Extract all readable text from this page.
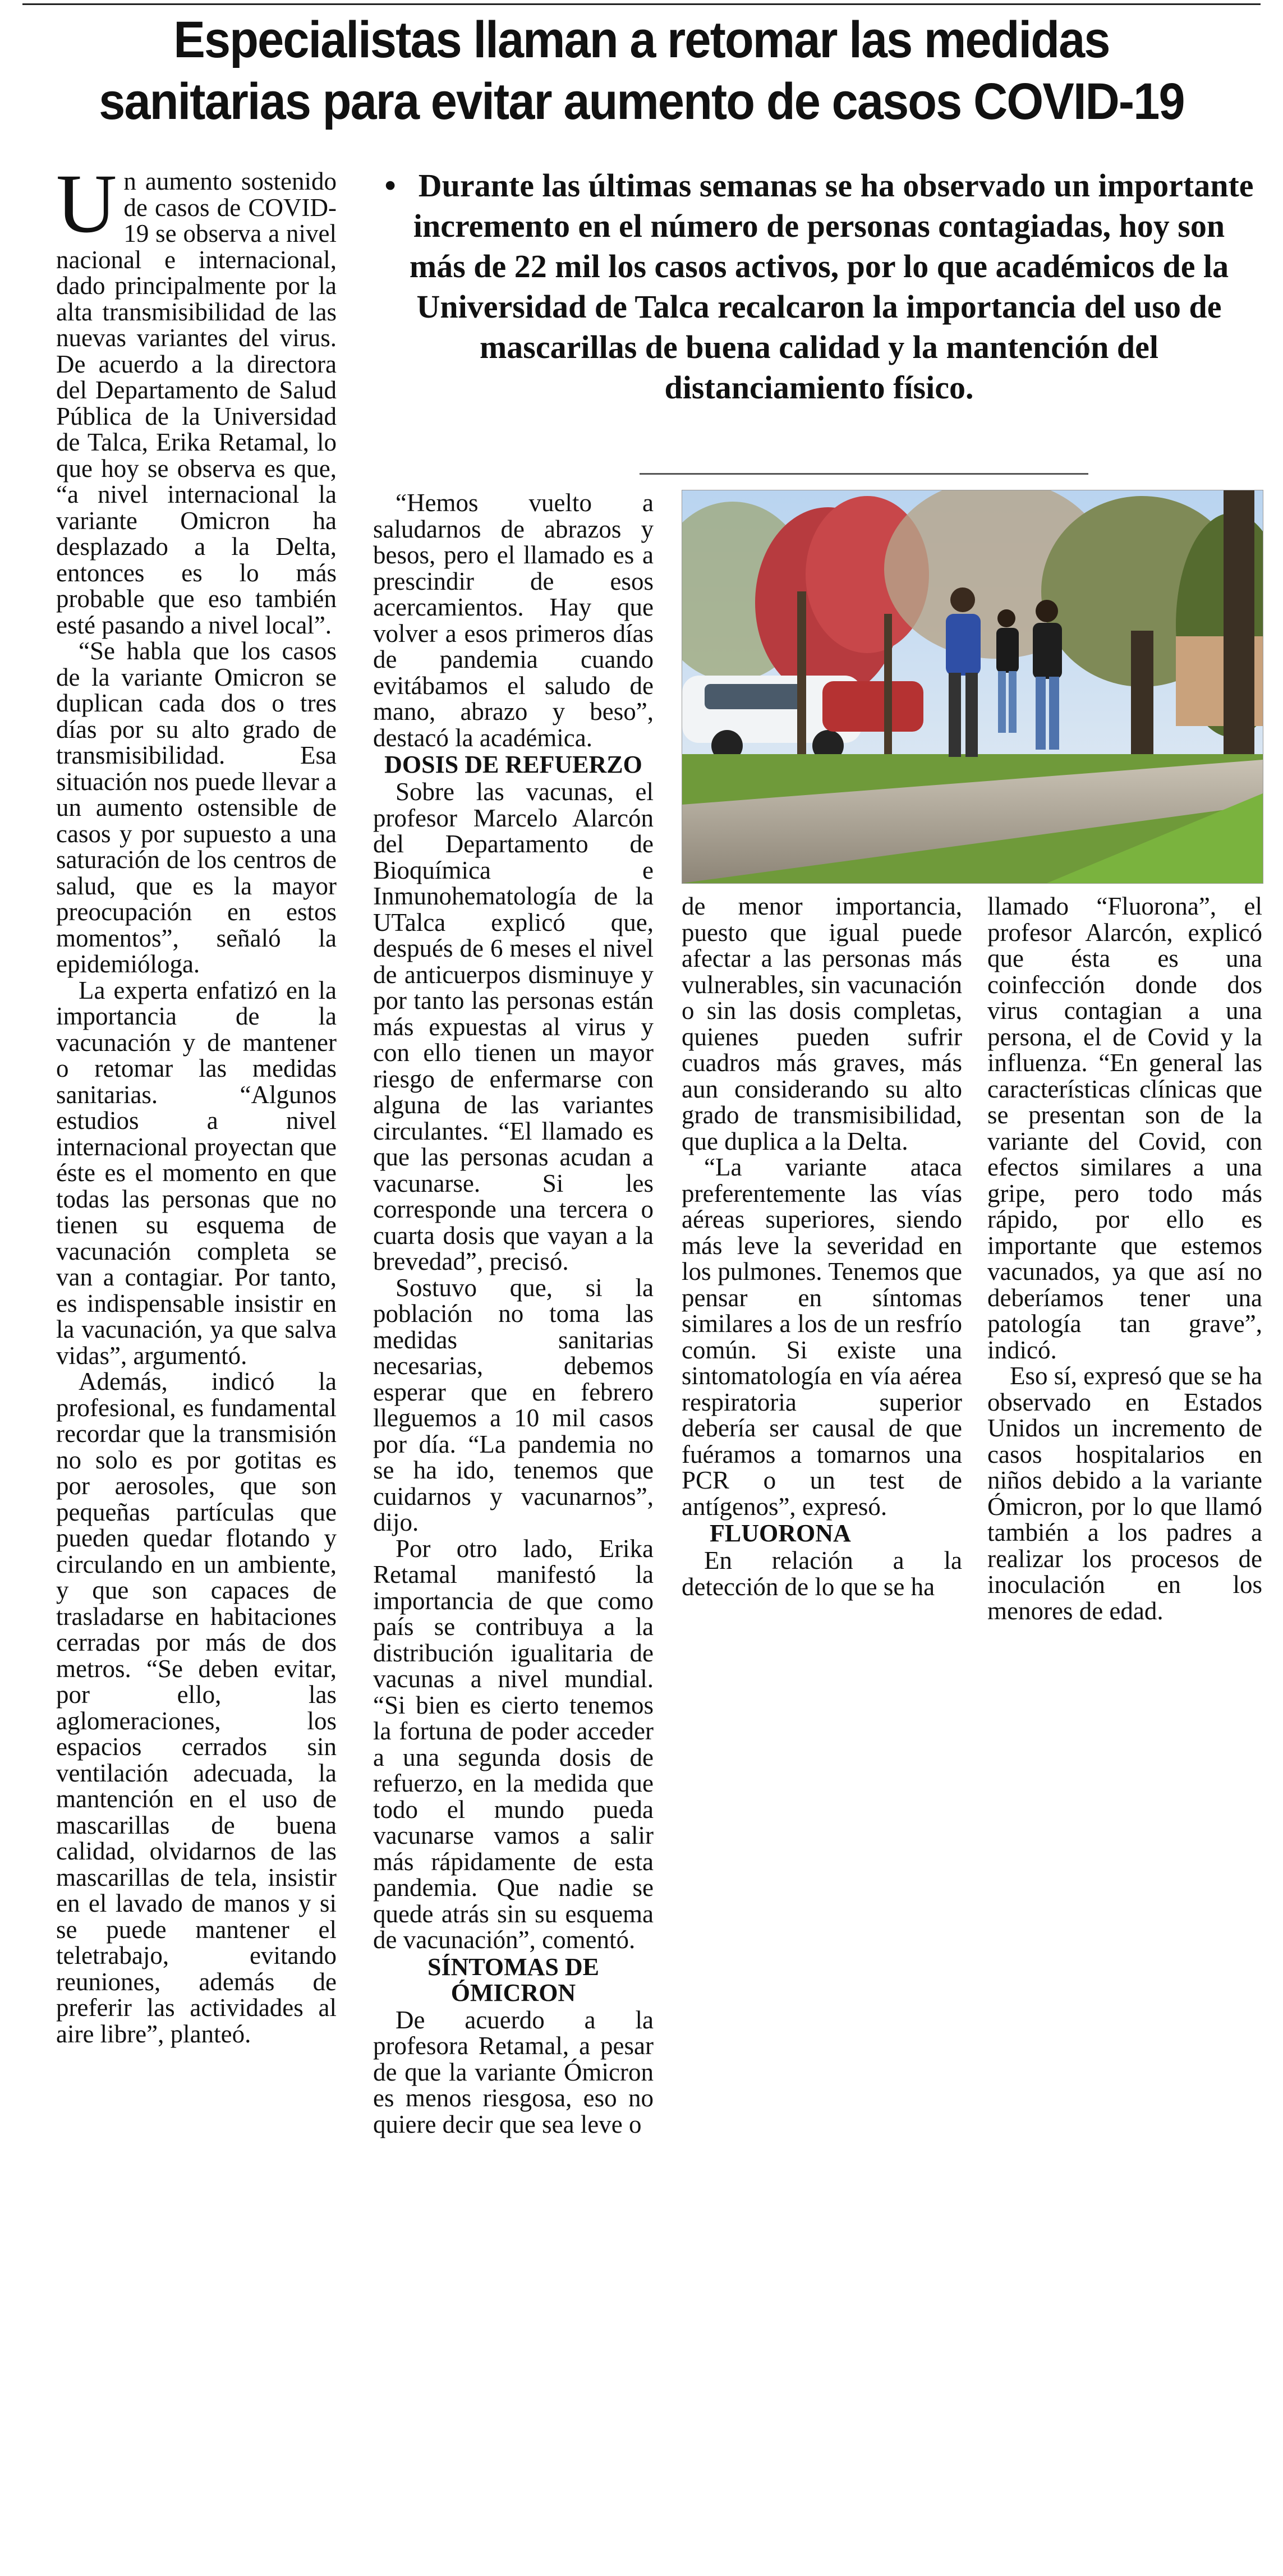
Especialistas llaman a retomar las medidas sanitarias para evitar aumento de casos COVID-19

Un aumento sostenido de casos de COVID-19 se observa a nivel nacional e internacional, dado principalmente por la alta transmisibilidad de las nuevas variantes del virus. De acuerdo a la directora del Departamento de Salud Pública de la Universidad de Talca, Erika Retamal, lo que hoy se observa es que, “a nivel internacional la variante Omicron ha desplazado a la Delta, entonces es lo más probable que eso también esté pasando a nivel local”.

“Se habla que los casos de la variante Omicron se duplican cada dos o tres días por su alto grado de transmisibilidad. Esa situación nos puede llevar a un aumento ostensible de casos y por supuesto a una saturación de los centros de salud, que es la mayor preocupación en estos momentos”, señaló la epidemióloga.

La experta enfatizó en la importancia de la vacunación y de mantener o retomar las medidas sanitarias. “Algunos estudios a nivel internacional proyectan que éste es el momento en que todas las personas que no tienen su esquema de vacunación completa se van a contagiar. Por tanto, es indispensable insistir en la vacunación, ya que salva vidas”, argumentó.

Además, indicó la profesional, es fundamental recordar que la transmisión no solo es por gotitas es por aerosoles, que son pequeñas partículas que pueden quedar flotando y circulando en un ambiente, y que son capaces de trasladarse en habitaciones cerradas por más de dos metros. “Se deben evitar, por ello, las aglomeraciones, los espacios cerrados sin ventilación adecuada, la mantención en el uso de mascarillas de buena calidad, olvidarnos de las mascarillas de tela, insistir en el lavado de manos y si se puede mantener el teletrabajo, evitando reuniones, además de preferir las actividades al aire libre”, planteó.

• Durante las últimas semanas se ha observado un importante incremento en el número de personas contagiadas, hoy son más de 22 mil los casos activos, por lo que académicos de la Universidad de Talca recalcaron la importancia del uso de mascarillas de buena calidad y la mantención del distanciamiento físico.

“Hemos vuelto a saludarnos de abrazos y besos, pero el llamado es a prescindir de esos acercamientos. Hay que volver a esos primeros días de pandemia cuando evitábamos el saludo de mano, abrazo y beso”, destacó la académica.

DOSIS DE REFUERZO

Sobre las vacunas, el profesor Marcelo Alarcón del Departamento de Bioquímica e Inmunohematología de la UTalca explicó que, después de 6 meses el nivel de anticuerpos disminuye y por tanto las personas están más expuestas al virus y con ello tienen un mayor riesgo de enfermarse con alguna de las variantes circulantes. “El llamado es que las personas acudan a vacunarse. Si les corresponde una tercera o cuarta dosis que vayan a la brevedad”, precisó.

Sostuvo que, si la población no toma las medidas sanitarias necesarias, debemos esperar que en febrero lleguemos a 10 mil casos por día. “La pandemia no se ha ido, tenemos que cuidarnos y vacunarnos”, dijo.

Por otro lado, Erika Retamal manifestó la importancia de que como país se contribuya a la distribución igualitaria de vacunas a nivel mundial. “Si bien es cierto tenemos la fortuna de poder acceder a una segunda dosis de refuerzo, en la medida que todo el mundo pueda vacunarse vamos a salir más rápidamente de esta pandemia. Que nadie se quede atrás sin su esquema de vacunación”, comentó.

SÍNTOMAS DE ÓMICRON

De acuerdo a la profesora Retamal, a pesar de que la variante Ómicron es menos riesgosa, eso no quiere decir que sea leve o

de menor importancia, puesto que igual puede afectar a las personas más vulnerables, sin vacunación o sin las dosis completas, quienes pueden sufrir cuadros más graves, más aun considerando su alto grado de transmisibilidad, que duplica a la Delta.

“La variante ataca preferentemente las vías aéreas superiores, siendo más leve la severidad en los pulmones. Tenemos que pensar en síntomas similares a los de un resfrío común. Si existe una sintomatología en vía aérea respiratoria superior debería ser causal de que fuéramos a tomarnos una PCR o un test de antígenos”, expresó.

FLUORONA

En relación a la detección de lo que se ha

llamado “Fluorona”, el profesor Alarcón, explicó que ésta es una coinfección donde dos virus contagian a una persona, el de Covid y la influenza. “En general las características clínicas que se presentan son de la variante del Covid, con efectos similares a una gripe, pero todo más rápido, por ello es importante que estemos vacunados, ya que así no deberíamos tener una patología tan grave”, indicó.

Eso sí, expresó que se ha observado en Estados Unidos un incremento de casos hospitalarios en niños debido a la variante Ómicron, por lo que llamó también a los padres a realizar los procesos de inoculación en los menores de edad.
